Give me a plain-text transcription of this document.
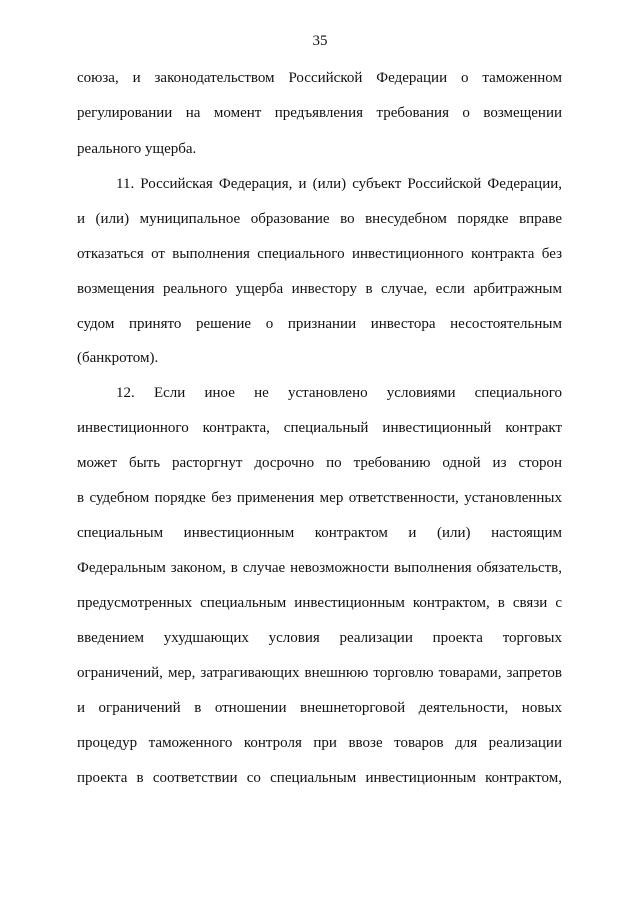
35
союза, и законодательством Российской Федерации о таможенном
регулировании на момент предъявления требования о возмещении
реального ущерба.
11. Российская Федерация, и (или) субъект Российской Федерации,
и (или) муниципальное образование во внесудебном порядке вправе
отказаться от выполнения специального инвестиционного контракта без
возмещения реального ущерба инвестору в случае, если арбитражным
судом принято решение о признании инвестора несостоятельным
(банкротом).
12. Если иное не установлено условиями специального
инвестиционного контракта, специальный инвестиционный контракт
может быть расторгнут досрочно по требованию одной из сторон
в судебном порядке без применения мер ответственности, установленных
специальным инвестиционным контрактом и (или) настоящим
Федеральным законом, в случае невозможности выполнения обязательств,
предусмотренных специальным инвестиционным контрактом, в связи с
введением ухудшающих условия реализации проекта торговых
ограничений, мер, затрагивающих внешнюю торговлю товарами, запретов
и ограничений в отношении внешнеторговой деятельности, новых
процедур таможенного контроля при ввозе товаров для реализации
проекта в соответствии со специальным инвестиционным контрактом,
